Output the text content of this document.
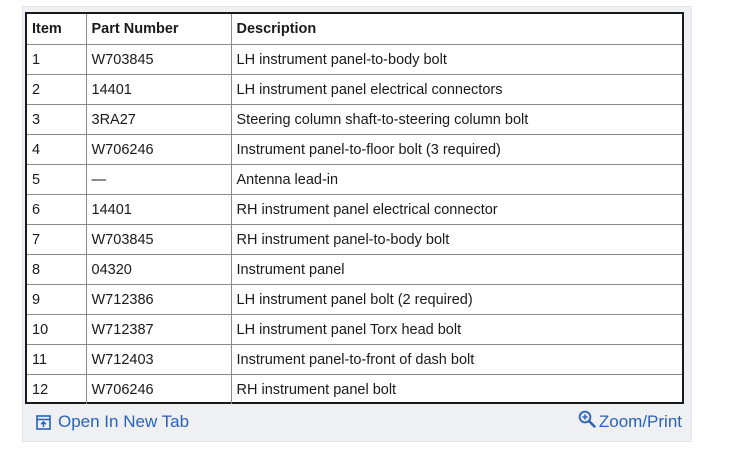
Item	Part Number	Description
1	W703845	LH instrument panel-to-body bolt
2	14401	LH instrument panel electrical connectors
3	3RA27	Steering column shaft-to-steering column bolt
4	W706246	Instrument panel-to-floor bolt (3 required)
5	—	Antenna lead-in
6	14401	RH instrument panel electrical connector
7	W703845	RH instrument panel-to-body bolt
8	04320	Instrument panel
9	W712386	LH instrument panel bolt (2 required)
10	W712387	LH instrument panel Torx head bolt
11	W712403	Instrument panel-to-front of dash bolt
12	W706246	RH instrument panel bolt
Open In New Tab	Zoom/Print
